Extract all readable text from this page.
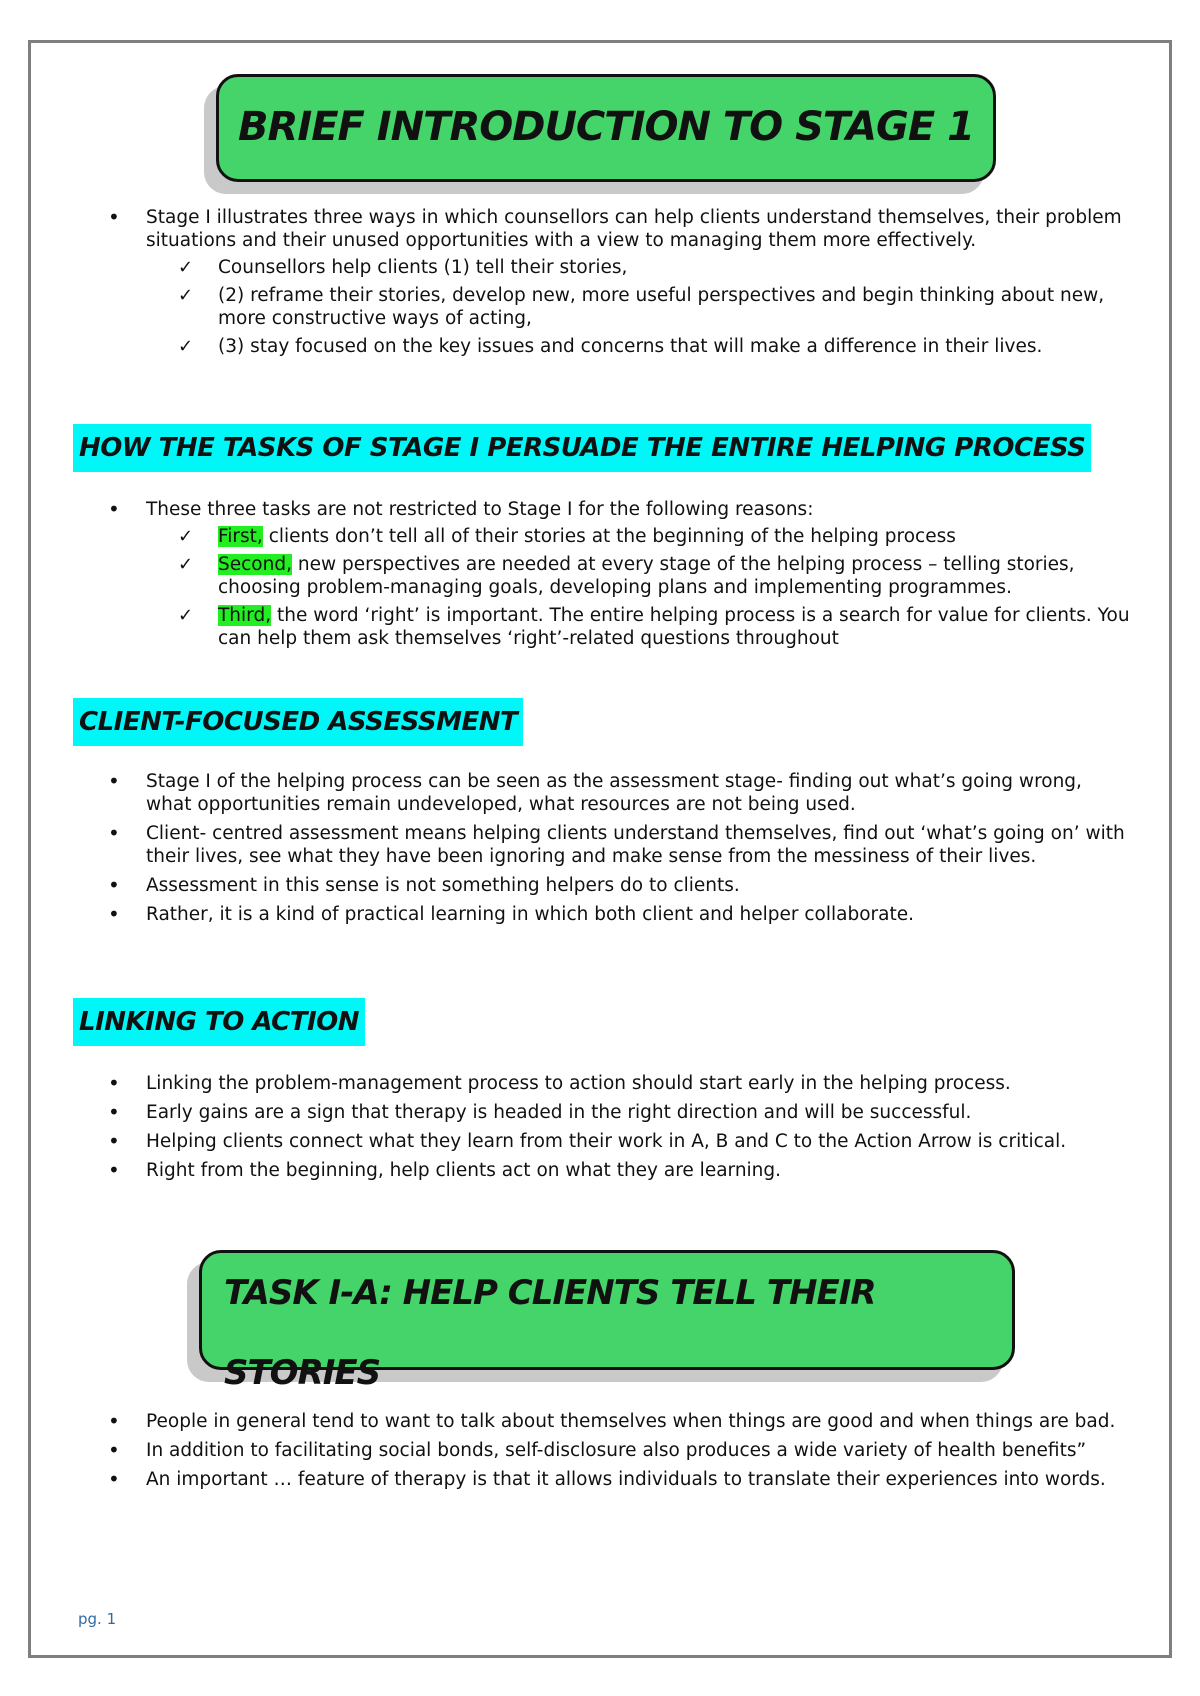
BRIEF INTRODUCTION TO STAGE 1
• Stage I illustrates three ways in which counsellors can help clients understand themselves, their problem situations and their unused opportunities with a view to managing them more effectively.
✓ Counsellors help clients (1) tell their stories,
✓ (2) reframe their stories, develop new, more useful perspectives and begin thinking about new, more constructive ways of acting,
✓ (3) stay focused on the key issues and concerns that will make a difference in their lives.
HOW THE TASKS OF STAGE I PERSUADE THE ENTIRE HELPING PROCESS
• These three tasks are not restricted to Stage I for the following reasons:
✓ First, clients don’t tell all of their stories at the beginning of the helping process
✓ Second, new perspectives are needed at every stage of the helping process – telling stories, choosing problem-managing goals, developing plans and implementing programmes.
✓ Third, the word ‘right’ is important. The entire helping process is a search for value for clients. You can help them ask themselves ‘right’-related questions throughout
CLIENT-FOCUSED ASSESSMENT
• Stage I of the helping process can be seen as the assessment stage- finding out what’s going wrong, what opportunities remain undeveloped, what resources are not being used.
• Client- centred assessment means helping clients understand themselves, find out ‘what’s going on’ with their lives, see what they have been ignoring and make sense from the messiness of their lives.
• Assessment in this sense is not something helpers do to clients.
• Rather, it is a kind of practical learning in which both client and helper collaborate.
LINKING TO ACTION
• Linking the problem-management process to action should start early in the helping process.
• Early gains are a sign that therapy is headed in the right direction and will be successful.
• Helping clients connect what they learn from their work in A, B and C to the Action Arrow is critical.
• Right from the beginning, help clients act on what they are learning.
TASK I-A: HELP CLIENTS TELL THEIR STORIES
• People in general tend to want to talk about themselves when things are good and when things are bad.
• In addition to facilitating social bonds, self-disclosure also produces a wide variety of health benefits”
• An important … feature of therapy is that it allows individuals to translate their experiences into words.
pg. 1
